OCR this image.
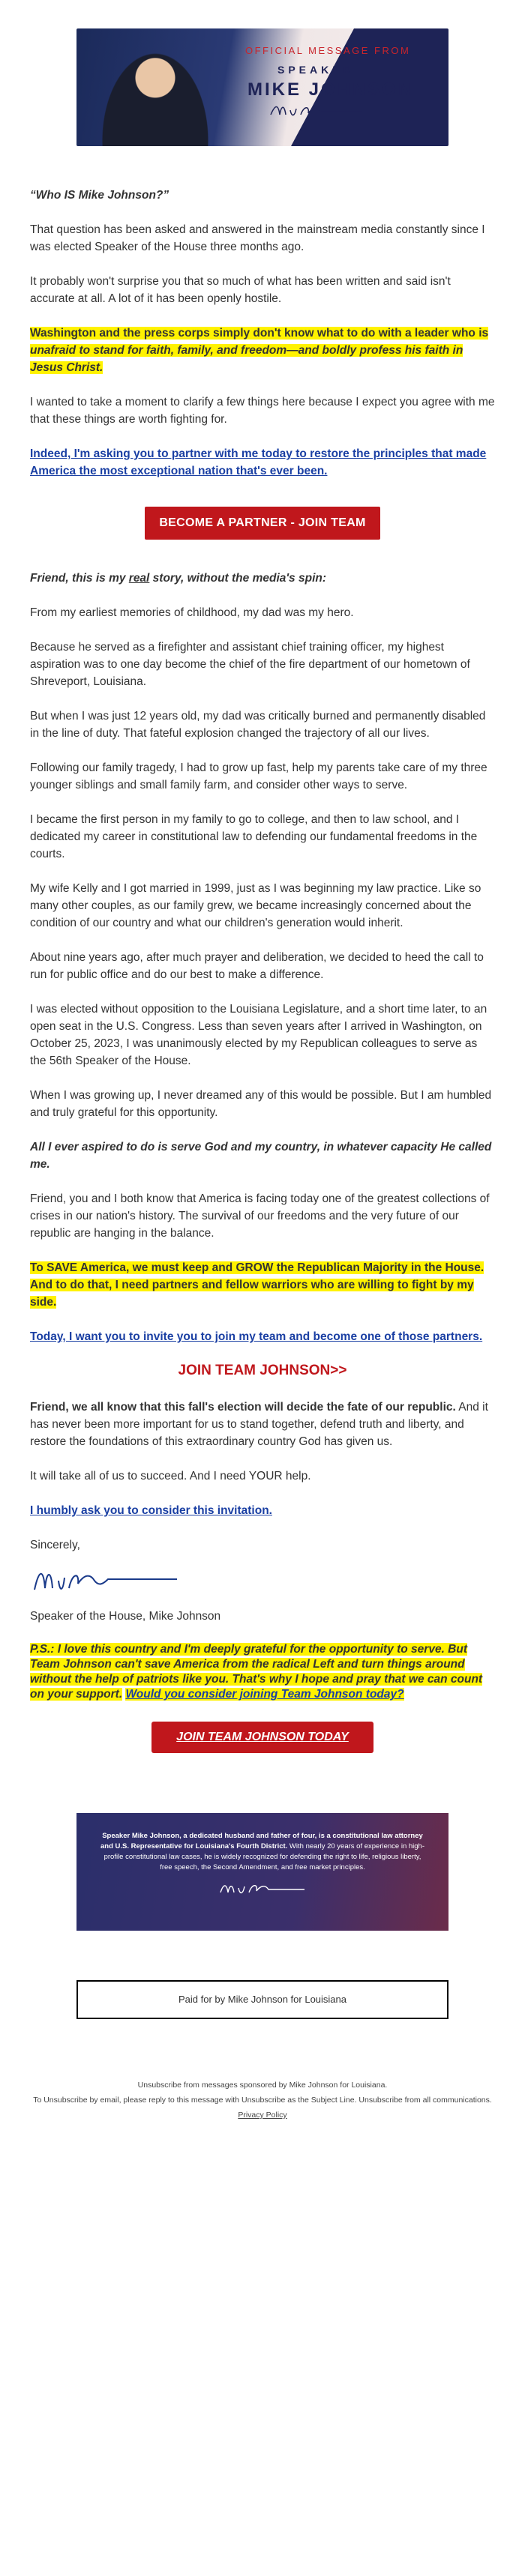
OFFICIAL MESSAGE FROM
SPEAKER
MIKE JOHNSON

“Who IS Mike Johnson?”

That question has been asked and answered in the mainstream media constantly since I was elected Speaker of the House three months ago.

It probably won't surprise you that so much of what has been written and said isn't accurate at all. A lot of it has been openly hostile.

Washington and the press corps simply don't know what to do with a leader who is unafraid to stand for faith, family, and freedom—and boldly profess his faith in Jesus Christ.

I wanted to take a moment to clarify a few things here because I expect you agree with me that these things are worth fighting for.

Indeed, I'm asking you to partner with me today to restore the principles that made America the most exceptional nation that's ever been.

BECOME A PARTNER - JOIN TEAM JOHNSON

Friend, this is my real story, without the media's spin:

From my earliest memories of childhood, my dad was my hero.

Because he served as a firefighter and assistant chief training officer, my highest aspiration was to one day become the chief of the fire department of our hometown of Shreveport, Louisiana.

But when I was just 12 years old, my dad was critically burned and permanently disabled in the line of duty. That fateful explosion changed the trajectory of all our lives.

Following our family tragedy, I had to grow up fast, help my parents take care of my three younger siblings and small family farm, and consider other ways to serve.

I became the first person in my family to go to college, and then to law school, and I dedicated my career in constitutional law to defending our fundamental freedoms in the courts.

My wife Kelly and I got married in 1999, just as I was beginning my law practice. Like so many other couples, as our family grew, we became increasingly concerned about the condition of our country and what our children's generation would inherit.

About nine years ago, after much prayer and deliberation, we decided to heed the call to run for public office and do our best to make a difference.

I was elected without opposition to the Louisiana Legislature, and a short time later, to an open seat in the U.S. Congress. Less than seven years after I arrived in Washington, on October 25, 2023, I was unanimously elected by my Republican colleagues to serve as the 56th Speaker of the House.

When I was growing up, I never dreamed any of this would be possible. But I am humbled and truly grateful for this opportunity.

All I ever aspired to do is serve God and my country, in whatever capacity He called me.

Friend, you and I both know that America is facing today one of the greatest collections of crises in our nation's history. The survival of our freedoms and the very future of our republic are hanging in the balance.

To SAVE America, we must keep and GROW the Republican Majority in the House. And to do that, I need partners and fellow warriors who are willing to fight by my side.

Today, I want you to invite you to join my team and become one of those partners.

JOIN TEAM JOHNSON>>

Friend, we all know that this fall's election will decide the fate of our republic. And it has never been more important for us to stand together, defend truth and liberty, and restore the foundations of this extraordinary country God has given us.

It will take all of us to succeed. And I need YOUR help.

I humbly ask you to consider this invitation.

Sincerely,

Speaker of the House, Mike Johnson

P.S.: I love this country and I'm deeply grateful for the opportunity to serve. But Team Johnson can't save America from the radical Left and turn things around without the help of patriots like you. That's why I hope and pray that we can count on your support. Would you consider joining Team Johnson today?

JOIN TEAM JOHNSON TODAY
Speaker Mike Johnson, a dedicated husband and father of four, is a constitutional law attorney and U.S. Representative for Louisiana's Fourth District. With nearly 20 years of experience in high-profile constitutional law cases, he is widely recognized for defending the right to life, religious liberty, free speech, the Second Amendment, and free market principles.
Paid for by Mike Johnson for Louisiana
Unsubscribe from messages sponsored by Mike Johnson for Louisiana.
To Unsubscribe by email, please reply to this message with Unsubscribe as the Subject Line. Unsubscribe from all communications.
Privacy Policy
